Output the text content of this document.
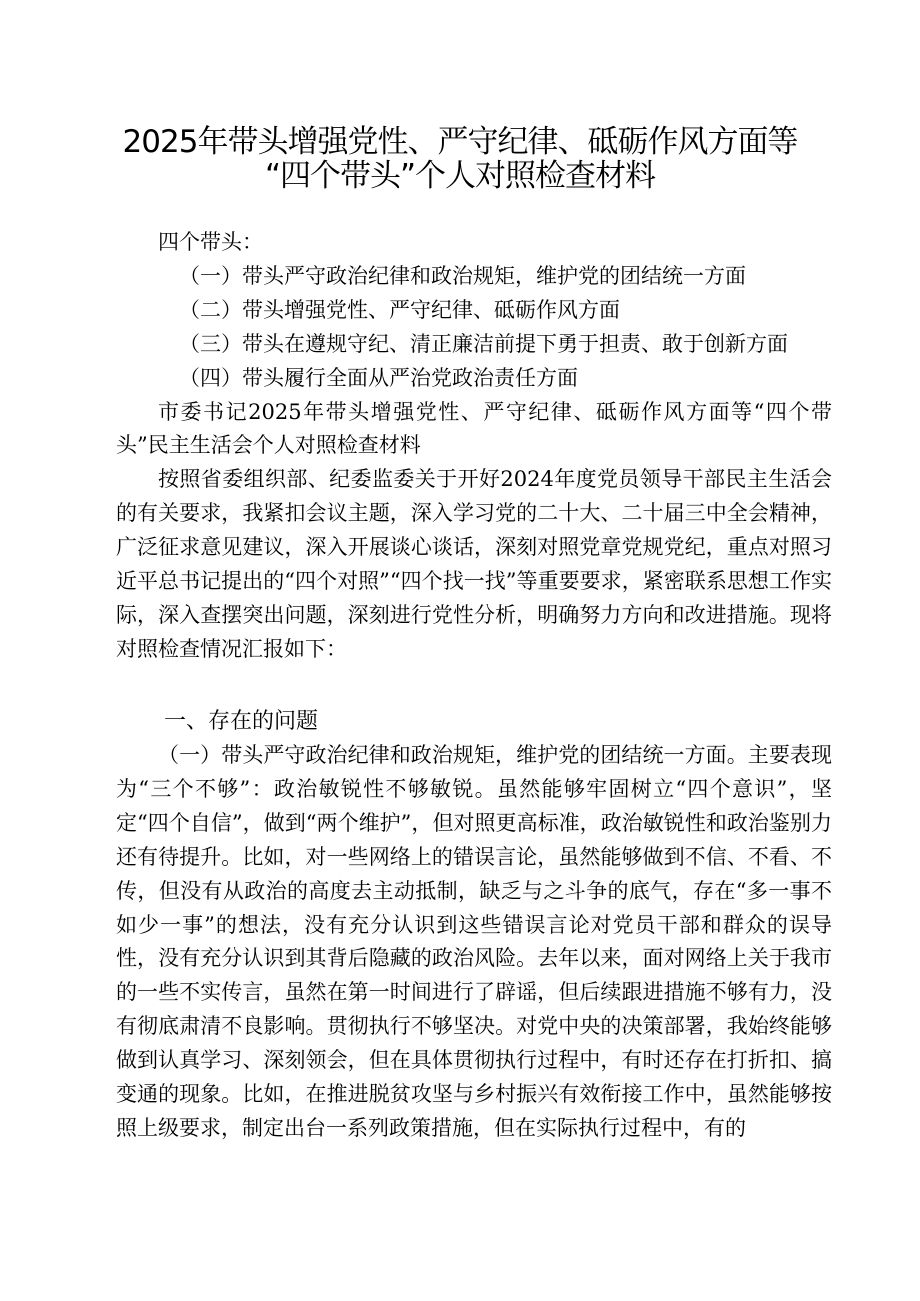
2025年带头增强党性、严守纪律、砥砺作风方面等
“四个带头”个人对照检查材料

四个带头：

（一）带头严守政治纪律和政治规矩，维护党的团结统一方面

（二）带头增强党性、严守纪律、砥砺作风方面

（三）带头在遵规守纪、清正廉洁前提下勇于担责、敢于创新方面

（四）带头履行全面从严治党政治责任方面

市委书记2025年带头增强党性、严守纪律、砥砺作风方面等“四个带头”民主生活会个人对照检查材料

按照省委组织部、纪委监委关于开好2024年度党员领导干部民主生活会的有关要求，我紧扣会议主题，深入学习党的二十大、二十届三中全会精神，广泛征求意见建议，深入开展谈心谈话，深刻对照党章党规党纪，重点对照习近平总书记提出的“四个对照”“四个找一找”等重要要求，紧密联系思想工作实际，深入查摆突出问题，深刻进行党性分析，明确努力方向和改进措施。现将对照检查情况汇报如下：

一、存在的问题

（一）带头严守政治纪律和政治规矩，维护党的团结统一方面。主要表现为“三个不够”：政治敏锐性不够敏锐。虽然能够牢固树立“四个意识”，坚定“四个自信”，做到“两个维护”，但对照更高标准，政治敏锐性和政治鉴别力还有待提升。比如，对一些网络上的错误言论，虽然能够做到不信、不看、不传，但没有从政治的高度去主动抵制，缺乏与之斗争的底气，存在“多一事不如少一事”的想法，没有充分认识到这些错误言论对党员干部和群众的误导性，没有充分认识到其背后隐藏的政治风险。去年以来，面对网络上关于我市的一些不实传言，虽然在第一时间进行了辟谣，但后续跟进措施不够有力，没有彻底肃清不良影响。贯彻执行不够坚决。对党中央的决策部署，我始终能够做到认真学习、深刻领会，但在具体贯彻执行过程中，有时还存在打折扣、搞变通的现象。比如，在推进脱贫攻坚与乡村振兴有效衔接工作中，虽然能够按照上级要求，制定出台一系列政策措施，但在实际执行过程中，有的
